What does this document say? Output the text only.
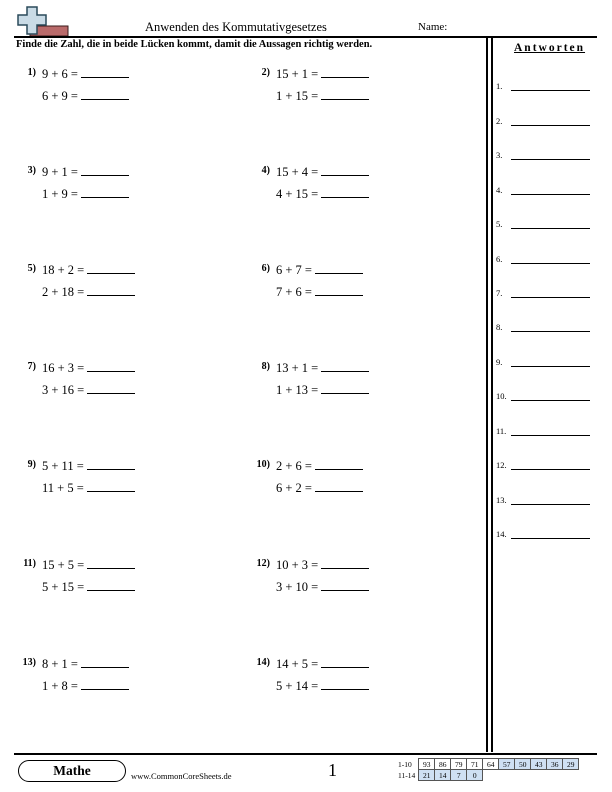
Anwenden des Kommutativgesetzes	Name:
Finde die Zahl, die in beide Lücken kommt, damit die Aussagen richtig werden.
1) 9 + 6 =
6 + 9 =
2) 15 + 1 =
1 + 15 =
3) 9 + 1 =
1 + 9 =
4) 15 + 4 =
4 + 15 =
5) 18 + 2 =
2 + 18 =
6) 6 + 7 =
7 + 6 =
7) 16 + 3 =
3 + 16 =
8) 13 + 1 =
1 + 13 =
9) 5 + 11 =
11 + 5 =
10) 2 + 6 =
6 + 2 =
11) 15 + 5 =
5 + 15 =
12) 10 + 3 =
3 + 10 =
13) 8 + 1 =
1 + 8 =
14) 14 + 5 =
5 + 14 =
Antworten
1.
2.
3.
4.
5.
6.
7.
8.
9.
10.
11.
12.
13.
14.
Mathe	www.CommonCoreSheets.de	1	1-10	93	86	79	71	64	57	50	43	36	29
11-14	21	14	7	0						
